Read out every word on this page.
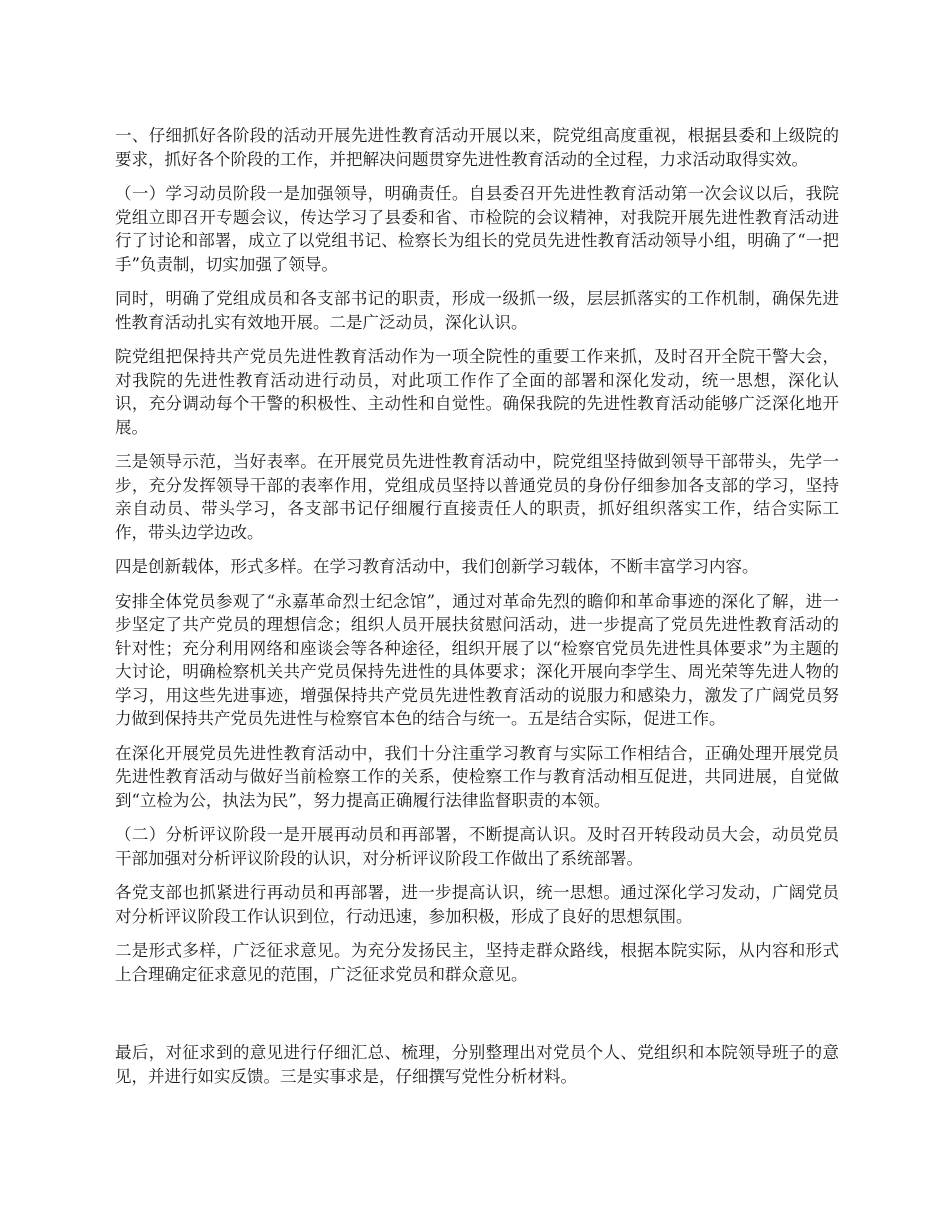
一、仔细抓好各阶段的活动开展先进性教育活动开展以来，院党组高度重视，根据县委和上级院的要求，抓好各个阶段的工作，并把解决问题贯穿先进性教育活动的全过程，力求活动取得实效。

（一）学习动员阶段一是加强领导，明确责任。自县委召开先进性教育活动第一次会议以后，我院党组立即召开专题会议，传达学习了县委和省、市检院的会议精神，对我院开展先进性教育活动进行了讨论和部署，成立了以党组书记、检察长为组长的党员先进性教育活动领导小组，明确了“一把手”负责制，切实加强了领导。

同时，明确了党组成员和各支部书记的职责，形成一级抓一级，层层抓落实的工作机制，确保先进性教育活动扎实有效地开展。二是广泛动员，深化认识。

院党组把保持共产党员先进性教育活动作为一项全院性的重要工作来抓，及时召开全院干警大会，对我院的先进性教育活动进行动员，对此项工作作了全面的部署和深化发动，统一思想，深化认识，充分调动每个干警的积极性、主动性和自觉性。确保我院的先进性教育活动能够广泛深化地开展。

三是领导示范，当好表率。在开展党员先进性教育活动中，院党组坚持做到领导干部带头，先学一步，充分发挥领导干部的表率作用，党组成员坚持以普通党员的身份仔细参加各支部的学习，坚持亲自动员、带头学习，各支部书记仔细履行直接责任人的职责，抓好组织落实工作，结合实际工作，带头边学边改。

四是创新载体，形式多样。在学习教育活动中，我们创新学习载体，不断丰富学习内容。

安排全体党员参观了“永嘉革命烈士纪念馆”，通过对革命先烈的瞻仰和革命事迹的深化了解，进一步坚定了共产党员的理想信念；组织人员开展扶贫慰问活动，进一步提高了党员先进性教育活动的针对性；充分利用网络和座谈会等各种途径，组织开展了以“检察官党员先进性具体要求”为主题的大讨论，明确检察机关共产党员保持先进性的具体要求；深化开展向李学生、周光荣等先进人物的学习，用这些先进事迹，增强保持共产党员先进性教育活动的说服力和感染力，激发了广阔党员努力做到保持共产党员先进性与检察官本色的结合与统一。五是结合实际，促进工作。

在深化开展党员先进性教育活动中，我们十分注重学习教育与实际工作相结合，正确处理开展党员先进性教育活动与做好当前检察工作的关系，使检察工作与教育活动相互促进，共同进展，自觉做到“立检为公，执法为民”，努力提高正确履行法律监督职责的本领。

（二）分析评议阶段一是开展再动员和再部署，不断提高认识。及时召开转段动员大会，动员党员干部加强对分析评议阶段的认识，对分析评议阶段工作做出了系统部署。

各党支部也抓紧进行再动员和再部署，进一步提高认识，统一思想。通过深化学习发动，广阔党员对分析评议阶段工作认识到位，行动迅速，参加积极，形成了良好的思想氛围。

二是形式多样，广泛征求意见。为充分发扬民主，坚持走群众路线，根据本院实际，从内容和形式上合理确定征求意见的范围，广泛征求党员和群众意见。

最后，对征求到的意见进行仔细汇总、梳理，分别整理出对党员个人、党组织和本院领导班子的意见，并进行如实反馈。三是实事求是，仔细撰写党性分析材料。
